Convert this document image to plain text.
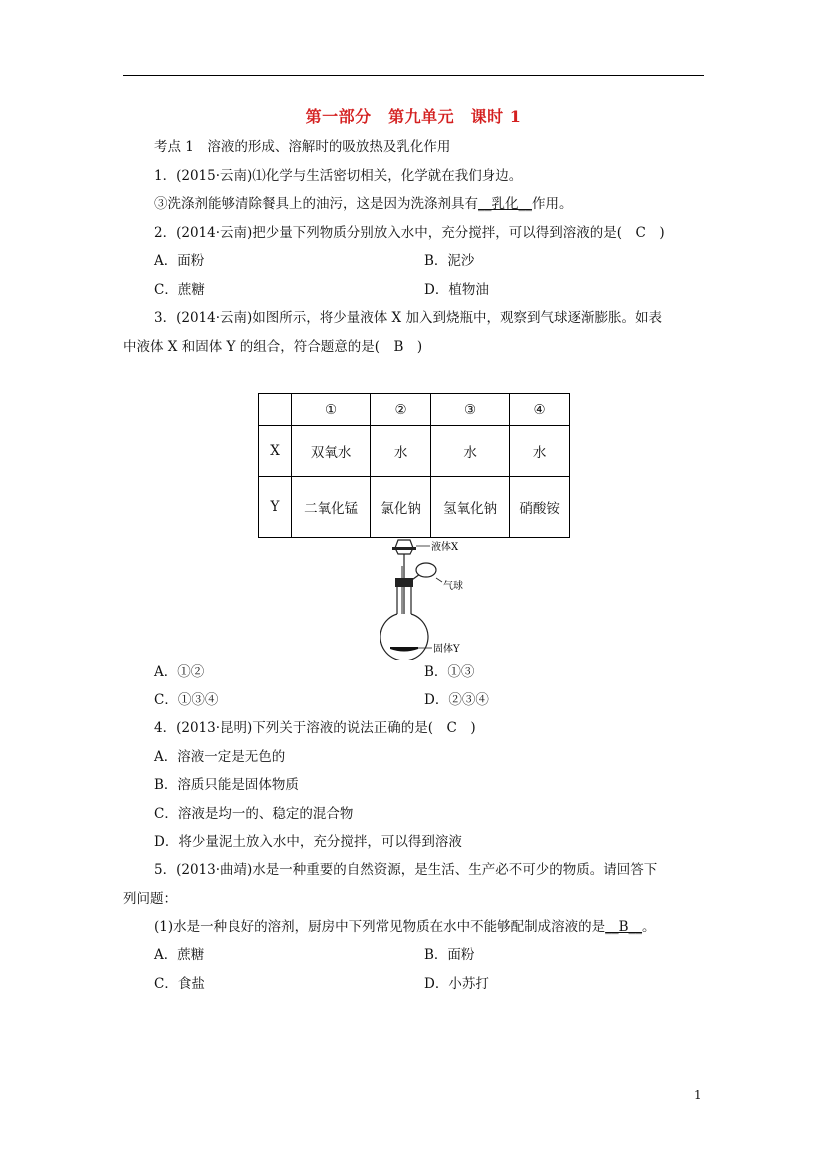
第一部分　第九单元　课时 1
考点 1　溶液的形成、溶解时的吸放热及乳化作用
1．(2015·云南)⑴化学与生活密切相关，化学就在我们身边。
③洗涤剂能够清除餐具上的油污，这是因为洗涤剂具有__乳化__作用。
2．(2014·云南)把少量下列物质分别放入水中，充分搅拌，可以得到溶液的是(　C　)
A．面粉	B．泥沙
C．蔗糖	D．植物油
3．(2014·云南)如图所示，将少量液体 X 加入到烧瓶中，观察到气球逐渐膨胀。如表
中液体 X 和固体 Y 的组合，符合题意的是(　B　)
	①	②	③	④
X	双氧水	水	水	水
Y	二氧化锰	氯化钠	氢氧化钠	硝酸铵
液体X
气球
固体Y
A．①②	B．①③
C．①③④	D．②③④
4．(2013·昆明)下列关于溶液的说法正确的是(　C　)
A．溶液一定是无色的
B．溶质只能是固体物质
C．溶液是均一的、稳定的混合物
D．将少量泥土放入水中，充分搅拌，可以得到溶液
5．(2013·曲靖)水是一种重要的自然资源，是生活、生产必不可少的物质。请回答下
列问题：
(1)水是一种良好的溶剂，厨房中下列常见物质在水中不能够配制成溶液的是__B__。
A．蔗糖	B．面粉
C．食盐	D．小苏打
1
